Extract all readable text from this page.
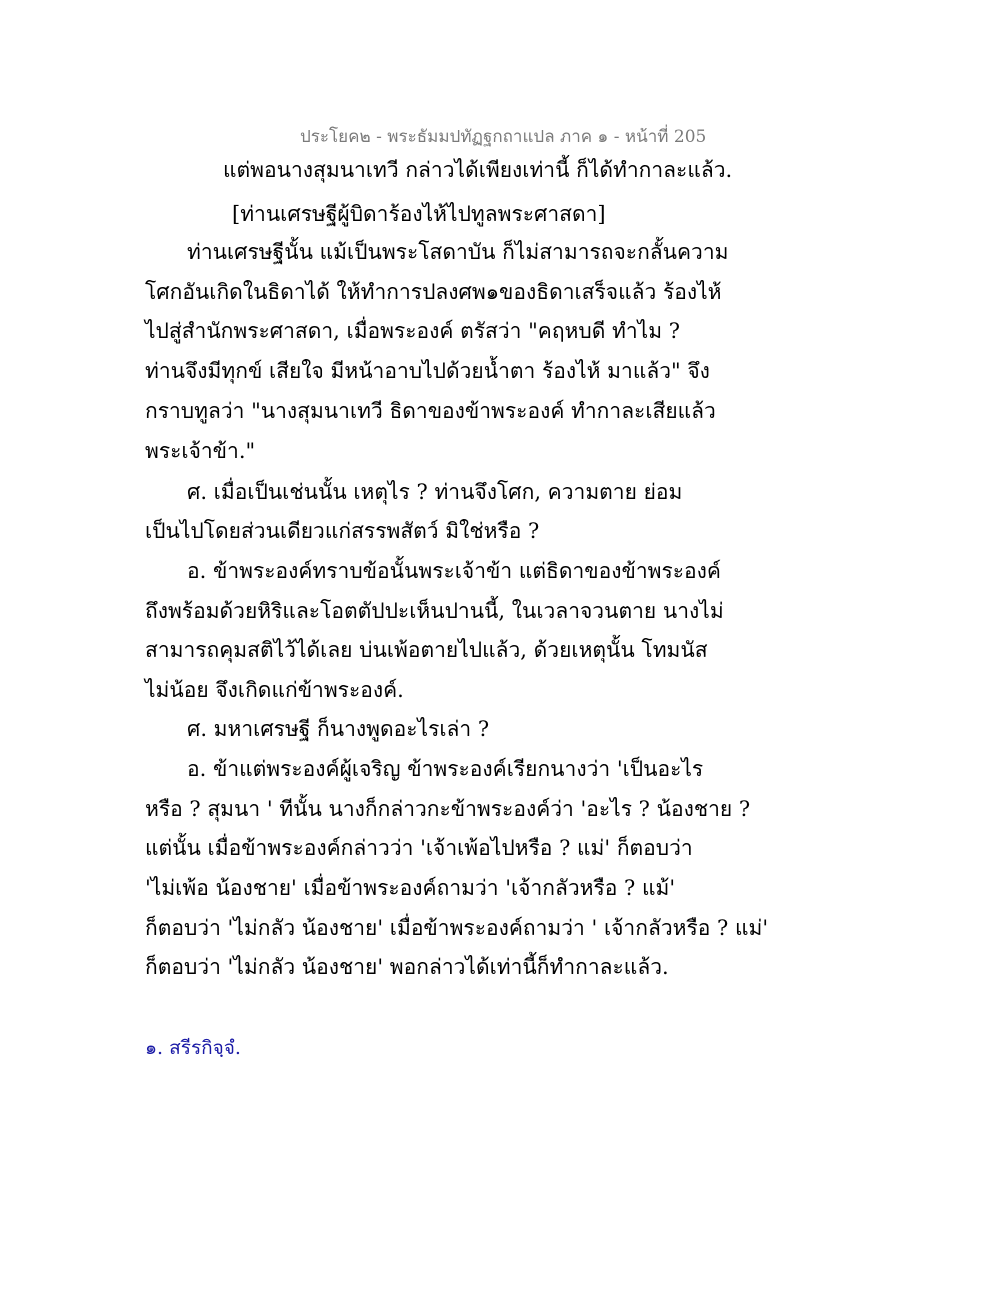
ประโยค๒ - พระธัมมปทัฏฐกถาแปล ภาค ๑ - หน้าที่ 205
แต่พอนางสุมนาเทวี กล่าวได้เพียงเท่านี้ ก็ได้ทำกาละแล้ว.
[ท่านเศรษฐีผู้บิดาร้องไห้ไปทูลพระศาสดา]
ท่านเศรษฐีนั้น แม้เป็นพระโสดาบัน ก็ไม่สามารถจะกลั้นความ
โศกอันเกิดในธิดาได้ ให้ทำการปลงศพ๑ของธิดาเสร็จแล้ว ร้องไห้
ไปสู่สำนักพระศาสดา, เมื่อพระองค์ ตรัสว่า "คฤหบดี ทำไม ?
ท่านจึงมีทุกข์ เสียใจ มีหน้าอาบไปด้วยน้ำตา ร้องไห้ มาแล้ว" จึง
กราบทูลว่า "นางสุมนาเทวี ธิดาของข้าพระองค์ ทำกาละเสียแล้ว
พระเจ้าข้า."
ศ. เมื่อเป็นเช่นนั้น เหตุไร ? ท่านจึงโศก, ความตาย ย่อม
เป็นไปโดยส่วนเดียวแก่สรรพสัตว์ มิใช่หรือ ?
อ. ข้าพระองค์ทราบข้อนั้นพระเจ้าข้า แต่ธิดาของข้าพระองค์
ถึงพร้อมด้วยหิริและโอตตัปปะเห็นปานนี้, ในเวลาจวนตาย นางไม่
สามารถคุมสติไว้ได้เลย บ่นเพ้อตายไปแล้ว, ด้วยเหตุนั้น โทมนัส
ไม่น้อย จึงเกิดแก่ข้าพระองค์.
ศ. มหาเศรษฐี ก็นางพูดอะไรเล่า ?
อ. ข้าแต่พระองค์ผู้เจริญ ข้าพระองค์เรียกนางว่า 'เป็นอะไร
หรือ ? สุมนา ' ทีนั้น นางก็กล่าวกะข้าพระองค์ว่า 'อะไร ? น้องชาย ?
แต่นั้น เมื่อข้าพระองค์กล่าวว่า 'เจ้าเพ้อไปหรือ ? แม่' ก็ตอบว่า
'ไม่เพ้อ น้องชาย' เมื่อข้าพระองค์ถามว่า 'เจ้ากลัวหรือ ? แม้'
ก็ตอบว่า 'ไม่กลัว น้องชาย' เมื่อข้าพระองค์ถามว่า ' เจ้ากลัวหรือ ? แม่'
ก็ตอบว่า 'ไม่กลัว น้องชาย' พอกล่าวได้เท่านี้ก็ทำกาละแล้ว.
๑. สรีรกิจฺจํ.
